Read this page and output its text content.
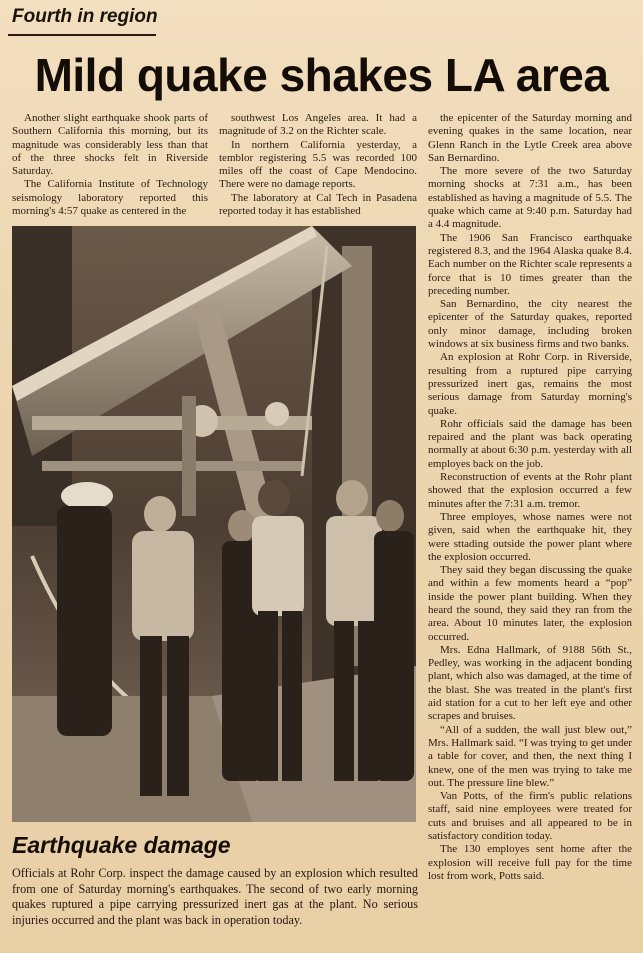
Fourth in region
Mild quake shakes LA area

Another slight earthquake shook parts of Southern California this morning, but its magnitude was considerably less than that of the three shocks felt in Riverside Saturday.

The California Institute of Technology seismology laboratory reported this morning's 4:57 quake as centered in the

southwest Los Angeles area. It had a magnitude of 3.2 on the Richter scale.

In northern California yesterday, a temblor registering 5.5 was recorded 100 miles off the coast of Cape Mendocino. There were no damage reports.

The laboratory at Cal Tech in Pasadena reported today it has established

the epicenter of the Saturday morning and evening quakes in the same location, near Glenn Ranch in the Lytle Creek area above San Bernardino.

The more severe of the two Saturday morning shocks at 7:31 a.m., has been established as having a magnitude of 5.5. The quake which came at 9:40 p.m. Saturday had a 4.4 magnitude.

The 1906 San Francisco earthquake registered 8.3, and the 1964 Alaska quake 8.4. Each number on the Richter scale represents a force that is 10 times greater than the preceding number.

San Bernardino, the city nearest the epicenter of the Saturday quakes, reported only minor damage, including broken windows at six business firms and two banks.

An explosion at Rohr Corp. in Riverside, resulting from a ruptured pipe carrying pressurized inert gas, remains the most serious damage from Saturday morning's quake.

Rohr officials said the damage has been repaired and the plant was back operating normally at about 6:30 p.m. yesterday with all employes back on the job.

Reconstruction of events at the Rohr plant showed that the explosion occurred a few minutes after the 7:31 a.m. tremor.

Three employes, whose names were not given, said when the earthquake hit, they were sttading outside the power plant where the explosion occurred.

They said they began discussing the quake and within a few moments heard a “pop” inside the power plant building. When they heard the sound, they said they ran from the area. About 10 minutes later, the explosion occurred.

Mrs. Edna Hallmark, of 9188 56th St., Pedley, was working in the adjacent bonding plant, which also was damaged, at the time of the blast. She was treated in the plant's first aid station for a cut to her left eye and other scrapes and bruises.

“All of a sudden, the wall just blew out,” Mrs. Hallmark said. “I was trying to get under a table for cover, and then, the next thing I knew, one of the men was trying to take me out. The pressure line blew.”

Van Potts, of the firm's public relations staff, said nine employees were treated for cuts and bruises and all appeared to be in satisfactory condition today.

The 130 employes sent home after the explosion will receive full pay for the time lost from work, Potts said.

Earthquake damage
Officials at Rohr Corp. inspect the damage caused by an explosion which resulted from one of Saturday morning's earthquakes. The second of two early morning quakes ruptured a pipe carrying pressurized inert gas at the plant. No serious injuries occurred and the plant was back in operation today.
